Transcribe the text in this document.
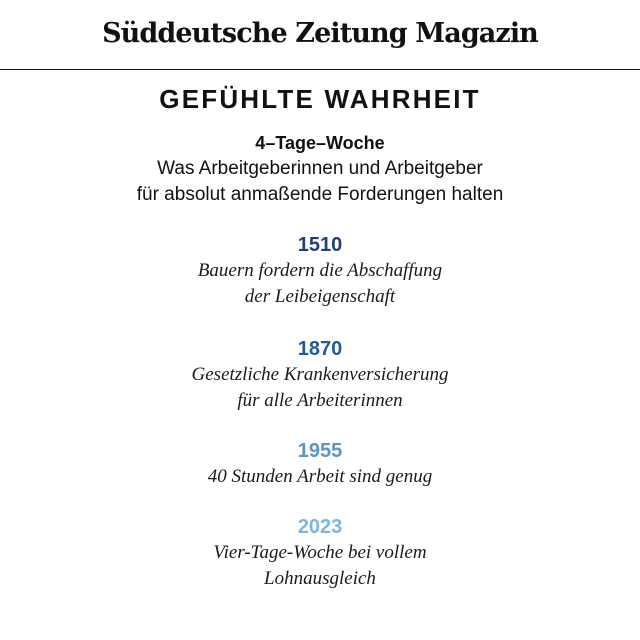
Süddeutsche Zeitung Magazin
GEFÜHLTE WAHRHEIT
4–Tage–Woche
Was Arbeitgeberinnen und Arbeitgeber
für absolut anmaßende Forderungen halten
1510
Bauern fordern die Abschaffung
der Leibeigenschaft
1870
Gesetzliche Krankenversicherung
für alle Arbeiterinnen
1955
40 Stunden Arbeit sind genug
2023
Vier-Tage-Woche bei vollem
Lohnausgleich
